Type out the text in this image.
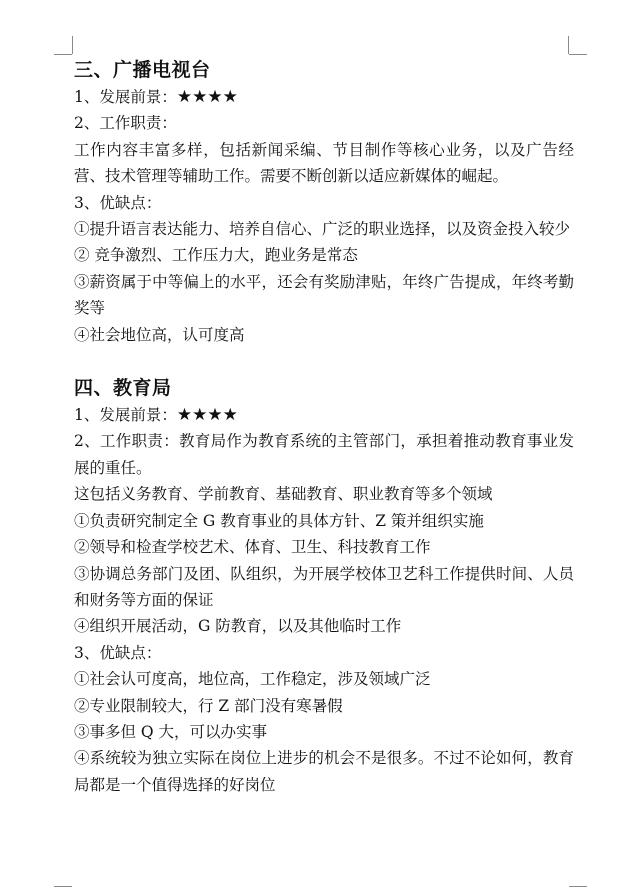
三、广播电视台

1、发展前景：★★★★

2、工作职责：

工作内容丰富多样，包括新闻采编、节目制作等核心业务，以及广告经营、技术管理等辅助工作。需要不断创新以适应新媒体的崛起。

3、优缺点：

①提升语言表达能力、培养自信心、广泛的职业选择，以及资金投入较少

② 竞争激烈、工作压力大，跑业务是常态

③薪资属于中等偏上的水平，还会有奖励津贴，年终广告提成，年终考勤奖等

④社会地位高，认可度高

四、教育局

1、发展前景：★★★★

2、工作职责：教育局作为教育系统的主管部门，承担着推动教育事业发展的重任。

这包括义务教育、学前教育、基础教育、职业教育等多个领域

①负责研究制定全 G 教育事业的具体方针、Z 策并组织实施

②领导和检查学校艺术、体育、卫生、科技教育工作

③协调总务部门及团、队组织，为开展学校体卫艺科工作提供时间、人员和财务等方面的保证

④组织开展活动，G 防教育，以及其他临时工作

3、优缺点：

①社会认可度高，地位高，工作稳定，涉及领域广泛

②专业限制较大，行 Z 部门没有寒暑假

③事多但 Q 大，可以办实事

④系统较为独立实际在岗位上进步的机会不是很多。不过不论如何，教育局都是一个值得选择的好岗位
